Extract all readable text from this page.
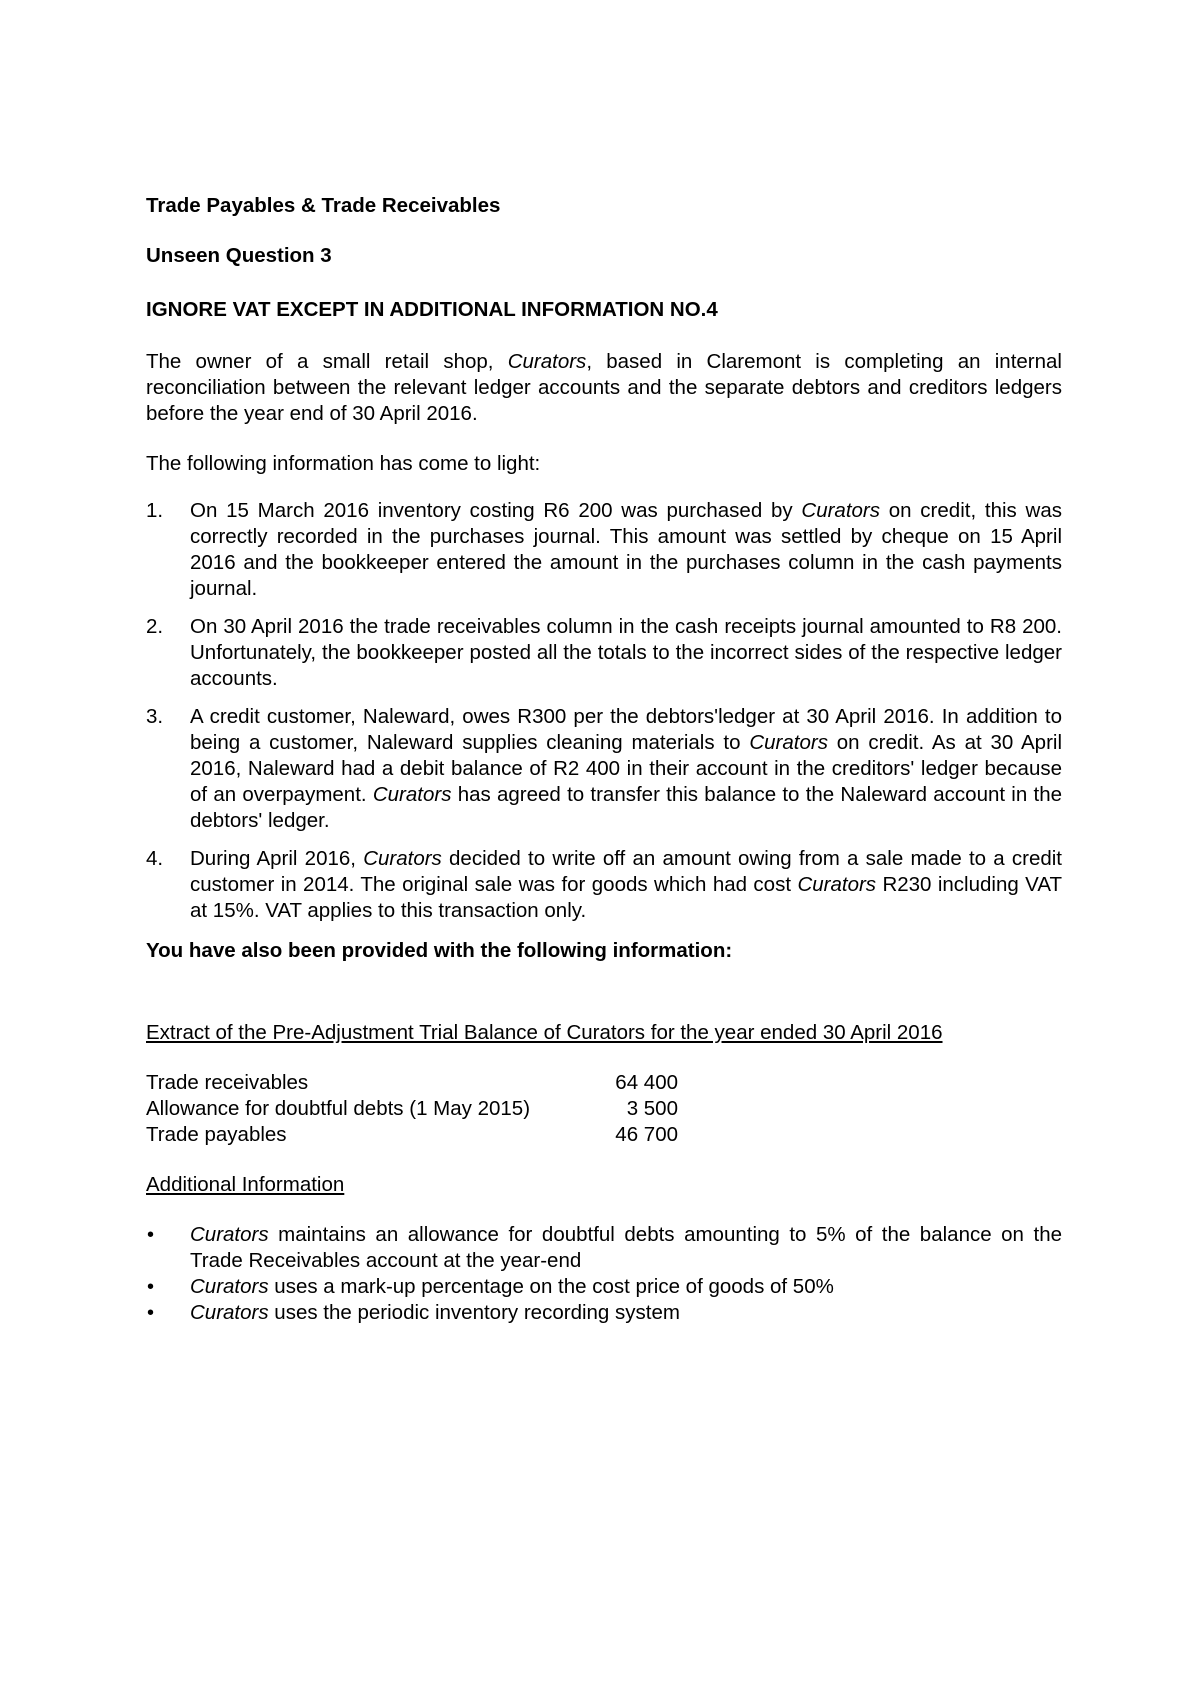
Trade Payables & Trade Receivables

Unseen Question 3

IGNORE VAT EXCEPT IN ADDITIONAL INFORMATION NO.4

The owner of a small retail shop, Curators, based in Claremont is completing an internal reconciliation between the relevant ledger accounts and the separate debtors and creditors ledgers before the year end of 30 April 2016.

The following information has come to light:

1. On 15 March 2016 inventory costing R6 200 was purchased by Curators on credit, this was correctly recorded in the purchases journal. This amount was settled by cheque on 15 April 2016 and the bookkeeper entered the amount in the purchases column in the cash payments journal.
2. On 30 April 2016 the trade receivables column in the cash receipts journal amounted to R8 200. Unfortunately, the bookkeeper posted all the totals to the incorrect sides of the respective ledger accounts.
3. A credit customer, Naleward, owes R300 per the debtors'ledger at 30 April 2016. In addition to being a customer, Naleward supplies cleaning materials to Curators on credit. As at 30 April 2016, Naleward had a debit balance of R2 400 in their account in the creditors' ledger because of an overpayment. Curators has agreed to transfer this balance to the Naleward account in the debtors' ledger.
4. During April 2016, Curators decided to write off an amount owing from a sale made to a credit customer in 2014. The original sale was for goods which had cost Curators R230 including VAT at 15%. VAT applies to this transaction only.

You have also been provided with the following information:

Extract of the Pre-Adjustment Trial Balance of Curators for the year ended 30 April 2016

Trade receivables	64 400
Allowance for doubtful debts (1 May 2015)	3 500
Trade payables	46 700

Additional Information

• Curators maintains an allowance for doubtful debts amounting to 5% of the balance on the Trade Receivables account at the year-end
• Curators uses a mark-up percentage on the cost price of goods of 50%
• Curators uses the periodic inventory recording system
